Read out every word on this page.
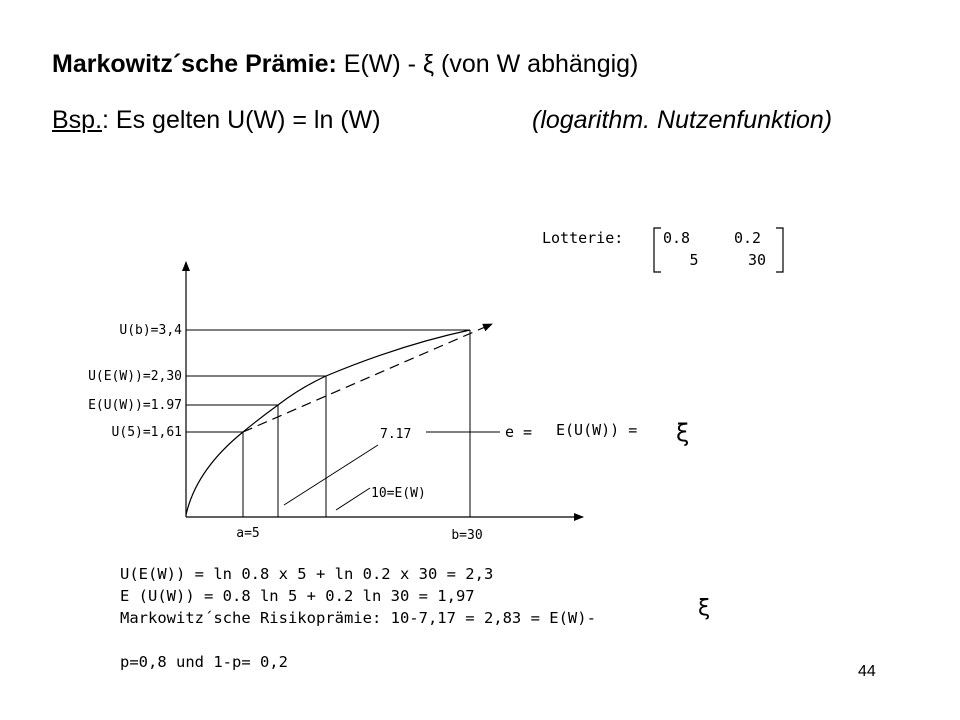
Markowitz´sche Prämie: E(W) - ξ (von W abhängig)
Bsp.: Es gelten U(W) = ln (W)	(logarithm. Nutzenfunktion)
Lotterie:	0.8	0.2
5	30
U(b)=3,4
U(E(W))=2,30
E(U(W))=1.97
U(5)=1,61
a=5	b=30
7.17
10=E(W)
e = E(U(W)) = ξ
U(E(W)) = ln 0.8 x 5 + ln 0.2 x 30 = 2,3
E (U(W)) = 0.8 ln 5 + 0.2 ln 30 = 1,97
Markowitz´sche Risikoprämie: 10-7,17 = 2,83 = E(W)-	ξ
p=0,8 und 1-p= 0,2
44
